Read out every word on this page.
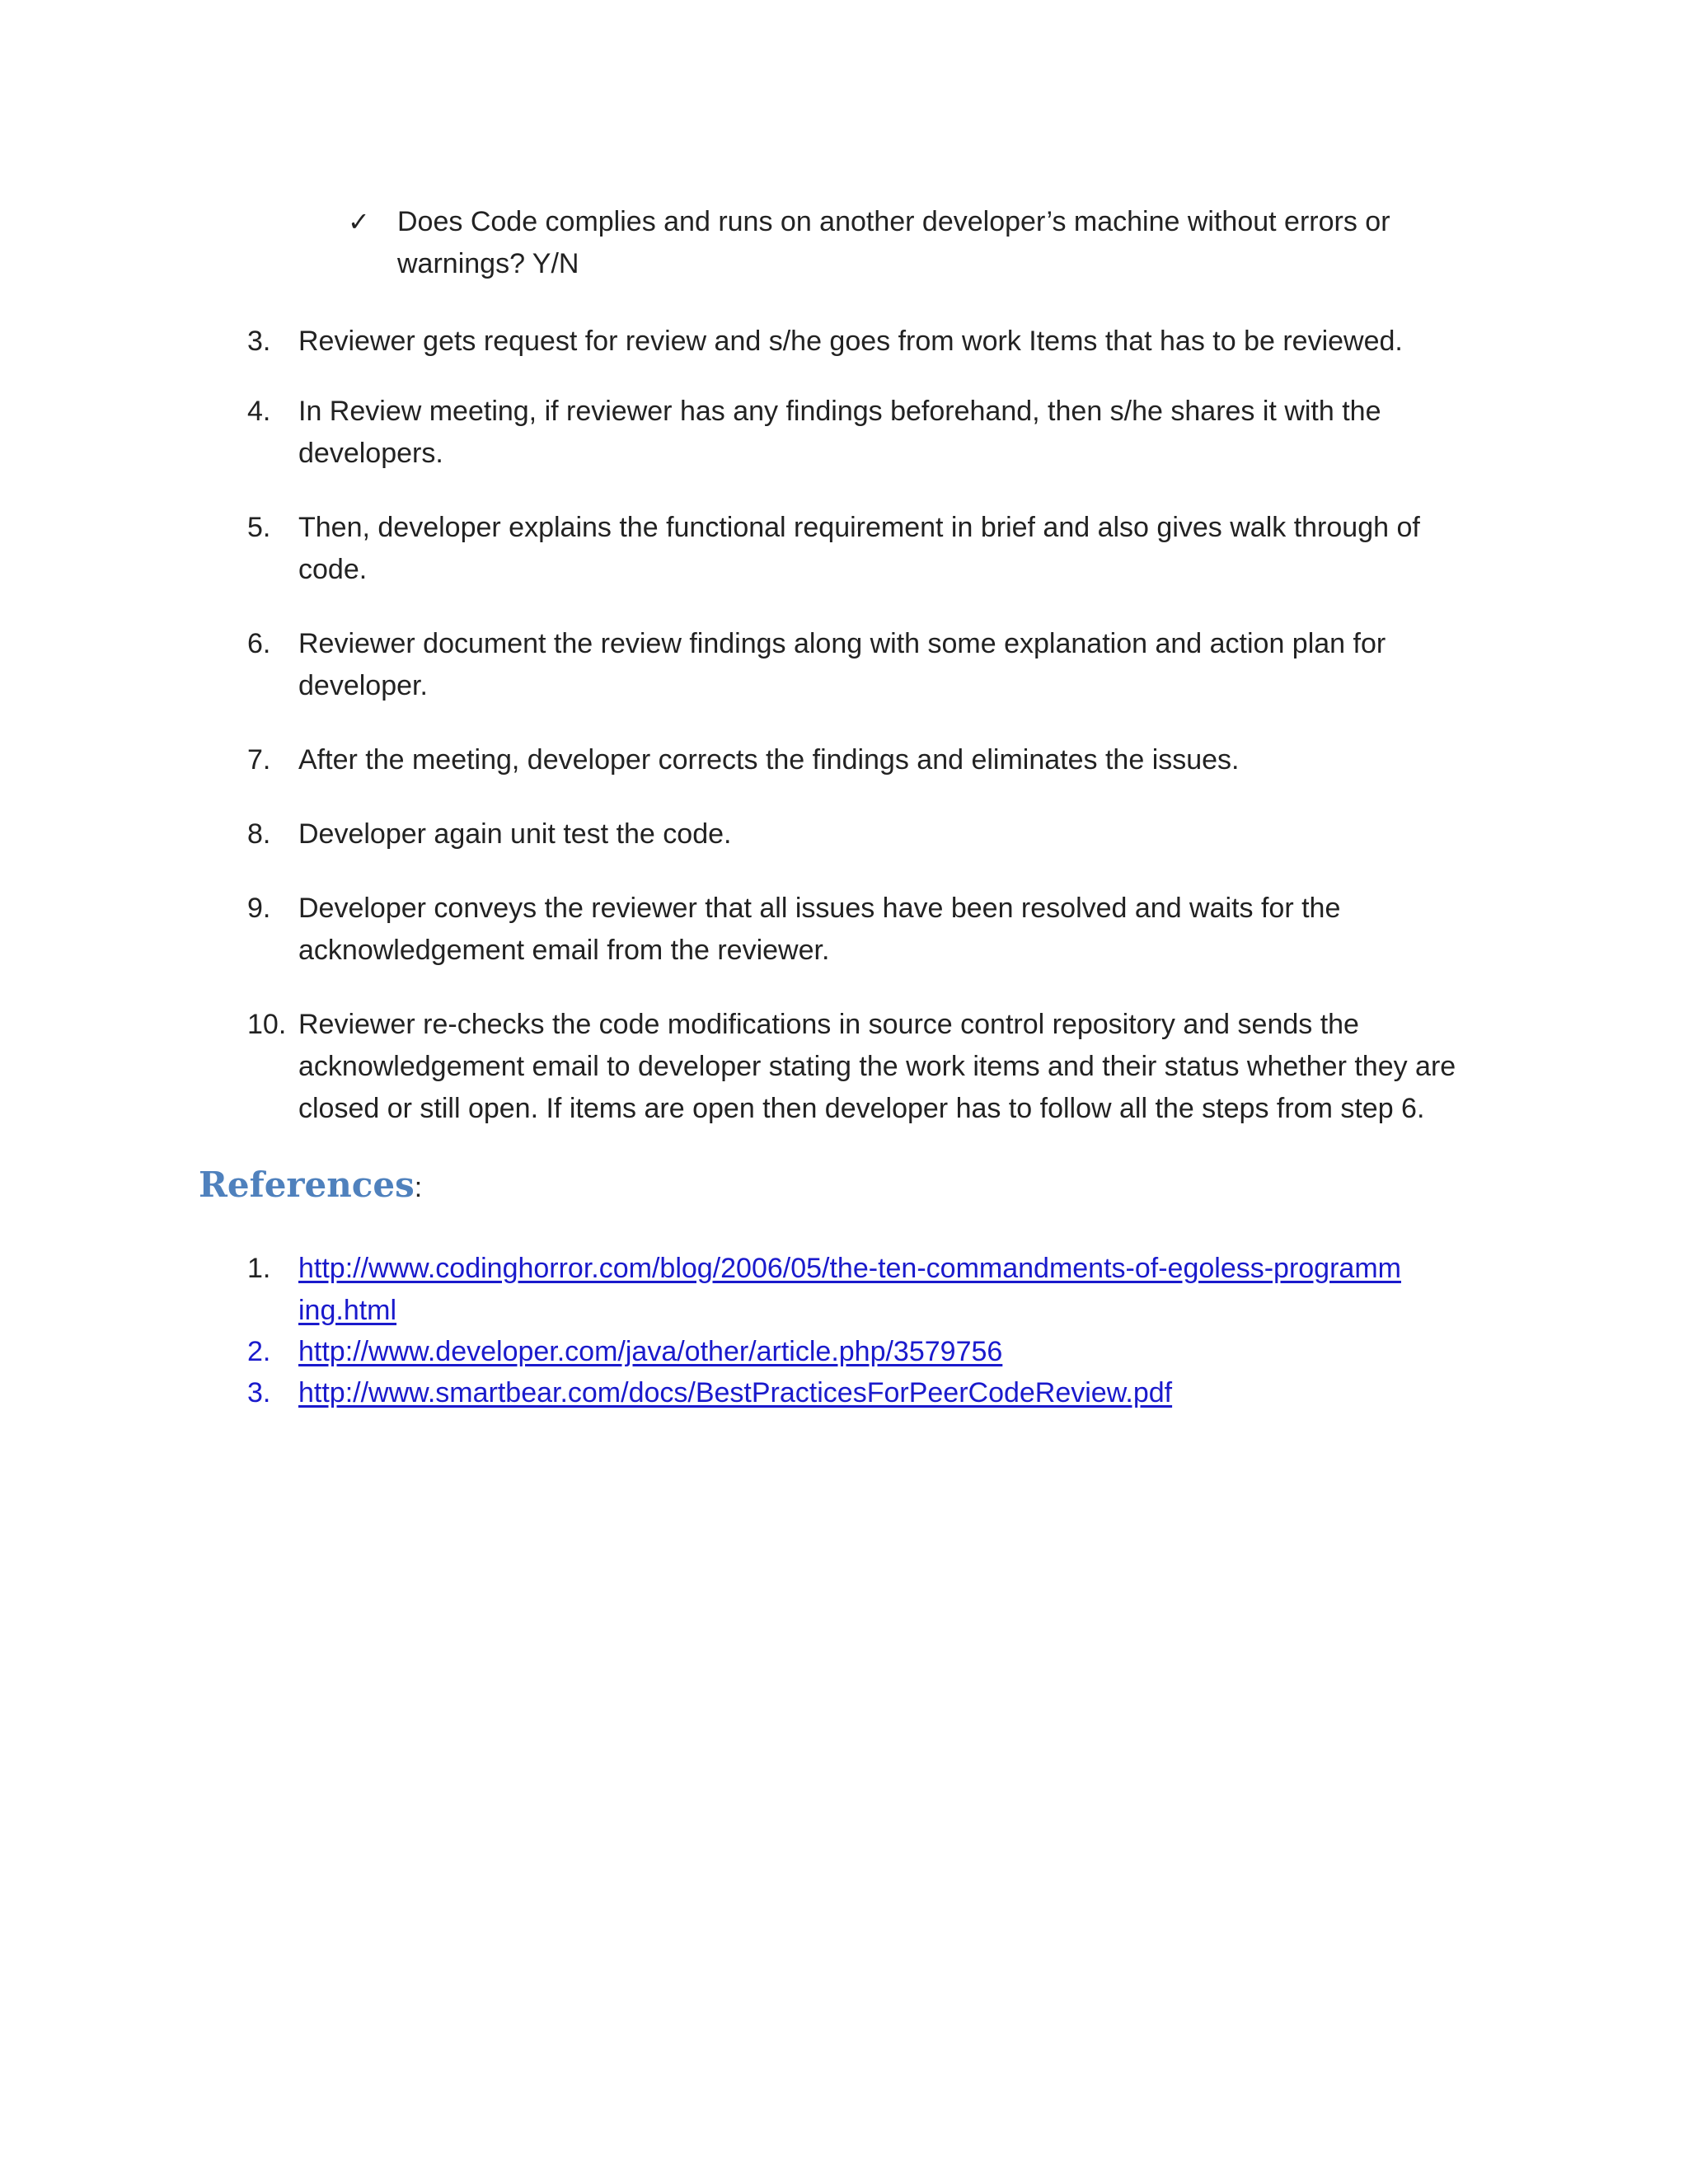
✓ Does Code complies and runs on another developer’s machine without errors or warnings? Y/N
3. Reviewer gets request for review and s/he goes from work Items that has to be reviewed.
4. In Review meeting, if reviewer has any findings beforehand, then s/he shares it with the developers.
5. Then, developer explains the functional requirement in brief and also gives walk through of code.
6. Reviewer document the review findings along with some explanation and action plan for developer.
7. After the meeting, developer corrects the findings and eliminates the issues.
8. Developer again unit test the code.
9. Developer conveys the reviewer that all issues have been resolved and waits for the acknowledgement email from the reviewer.
10. Reviewer re-checks the code modifications in source control repository and sends the acknowledgement email to developer stating the work items and their status whether they are closed or still open. If items are open then developer has to follow all the steps from step 6.
References:
1. http://www.codinghorror.com/blog/2006/05/the-ten-commandments-of-egoless-programming.html
2. http://www.developer.com/java/other/article.php/3579756
3. http://www.smartbear.com/docs/BestPracticesForPeerCodeReview.pdf
